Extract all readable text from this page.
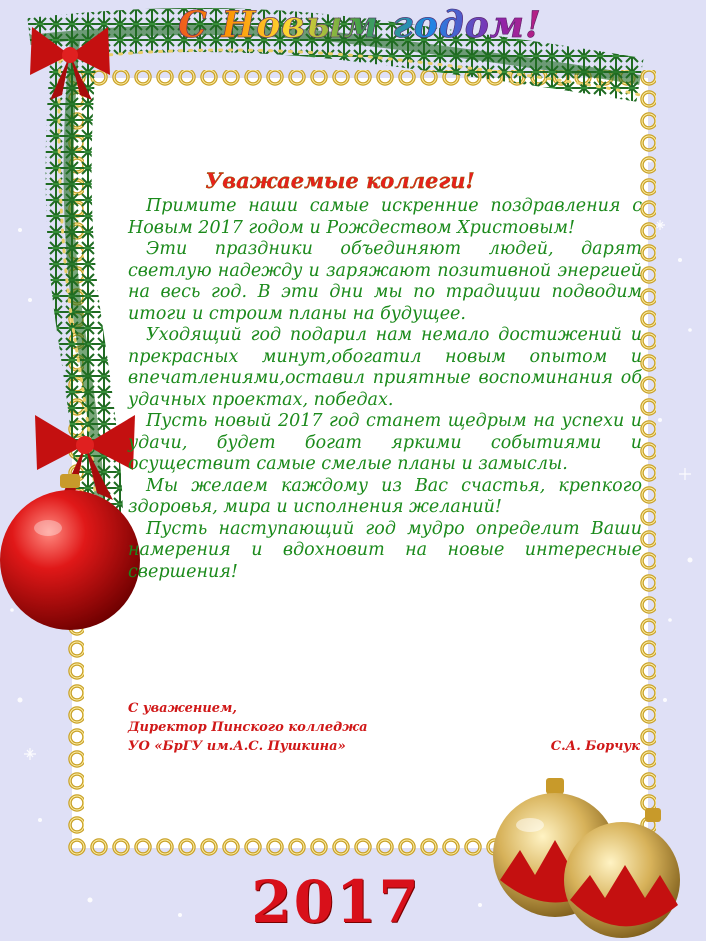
С Новым годом!
Уважаемые коллеги!

Примите наши самые искренние поздравления с Новым 2017 годом и Рождеством Христовым!

Эти праздники объединяют людей, дарят светлую надежду и заряжают позитивной энергией на весь год. В эти дни мы по традиции подводим итоги и строим планы на будущее.

Уходящий год подарил нам немало достижений и прекрасных минут,обогатил новым опытом и впечатлениями,оставил приятные воспоминания об удачных проектах, победах.

Пусть новый 2017 год станет щедрым на успехи и удачи, будет богат яркими событиями и осуществит самые смелые планы и замыслы.

Мы желаем каждому из Вас счастья, крепкого здоровья, мира и исполнения желаний!

Пусть наступающий год мудро определит Ваши намерения и вдохновит на новые интересные свершения!

С уважением,
Директор Пинского колледжа
УО «БрГУ им.А.С. Пушкина»	С.А. Борчук
2017
